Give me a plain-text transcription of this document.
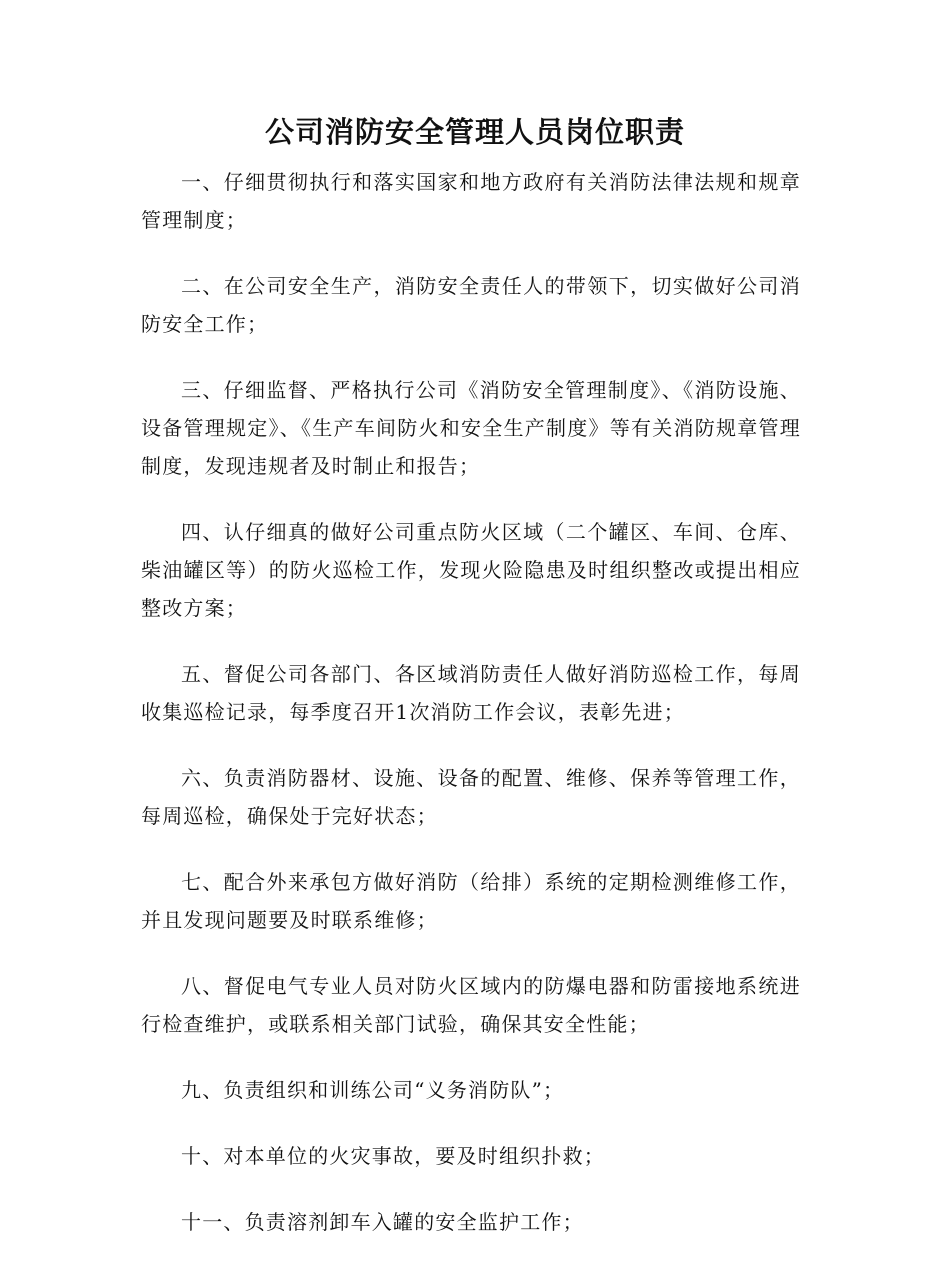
公司消防安全管理人员岗位职责

一、仔细贯彻执行和落实国家和地方政府有关消防法律法规和规章管理制度；

二、在公司安全生产，消防安全责任人的带领下，切实做好公司消防安全工作；

三、仔细监督、严格执行公司《消防安全管理制度》、《消防设施、设备管理规定》、《生产车间防火和安全生产制度》等有关消防规章管理制度，发现违规者及时制止和报告；

四、认仔细真的做好公司重点防火区域（二个罐区、车间、仓库、柴油罐区等）的防火巡检工作，发现火险隐患及时组织整改或提出相应整改方案；

五、督促公司各部门、各区域消防责任人做好消防巡检工作，每周收集巡检记录，每季度召开1次消防工作会议，表彰先进；

六、负责消防器材、设施、设备的配置、维修、保养等管理工作，每周巡检，确保处于完好状态；

七、配合外来承包方做好消防（给排）系统的定期检测维修工作，并且发现问题要及时联系维修；

八、督促电气专业人员对防火区域内的防爆电器和防雷接地系统进行检查维护，或联系相关部门试验，确保其安全性能；

九、负责组织和训练公司“义务消防队”；

十、对本单位的火灾事故，要及时组织扑救；

十一、负责溶剂卸车入罐的安全监护工作；
